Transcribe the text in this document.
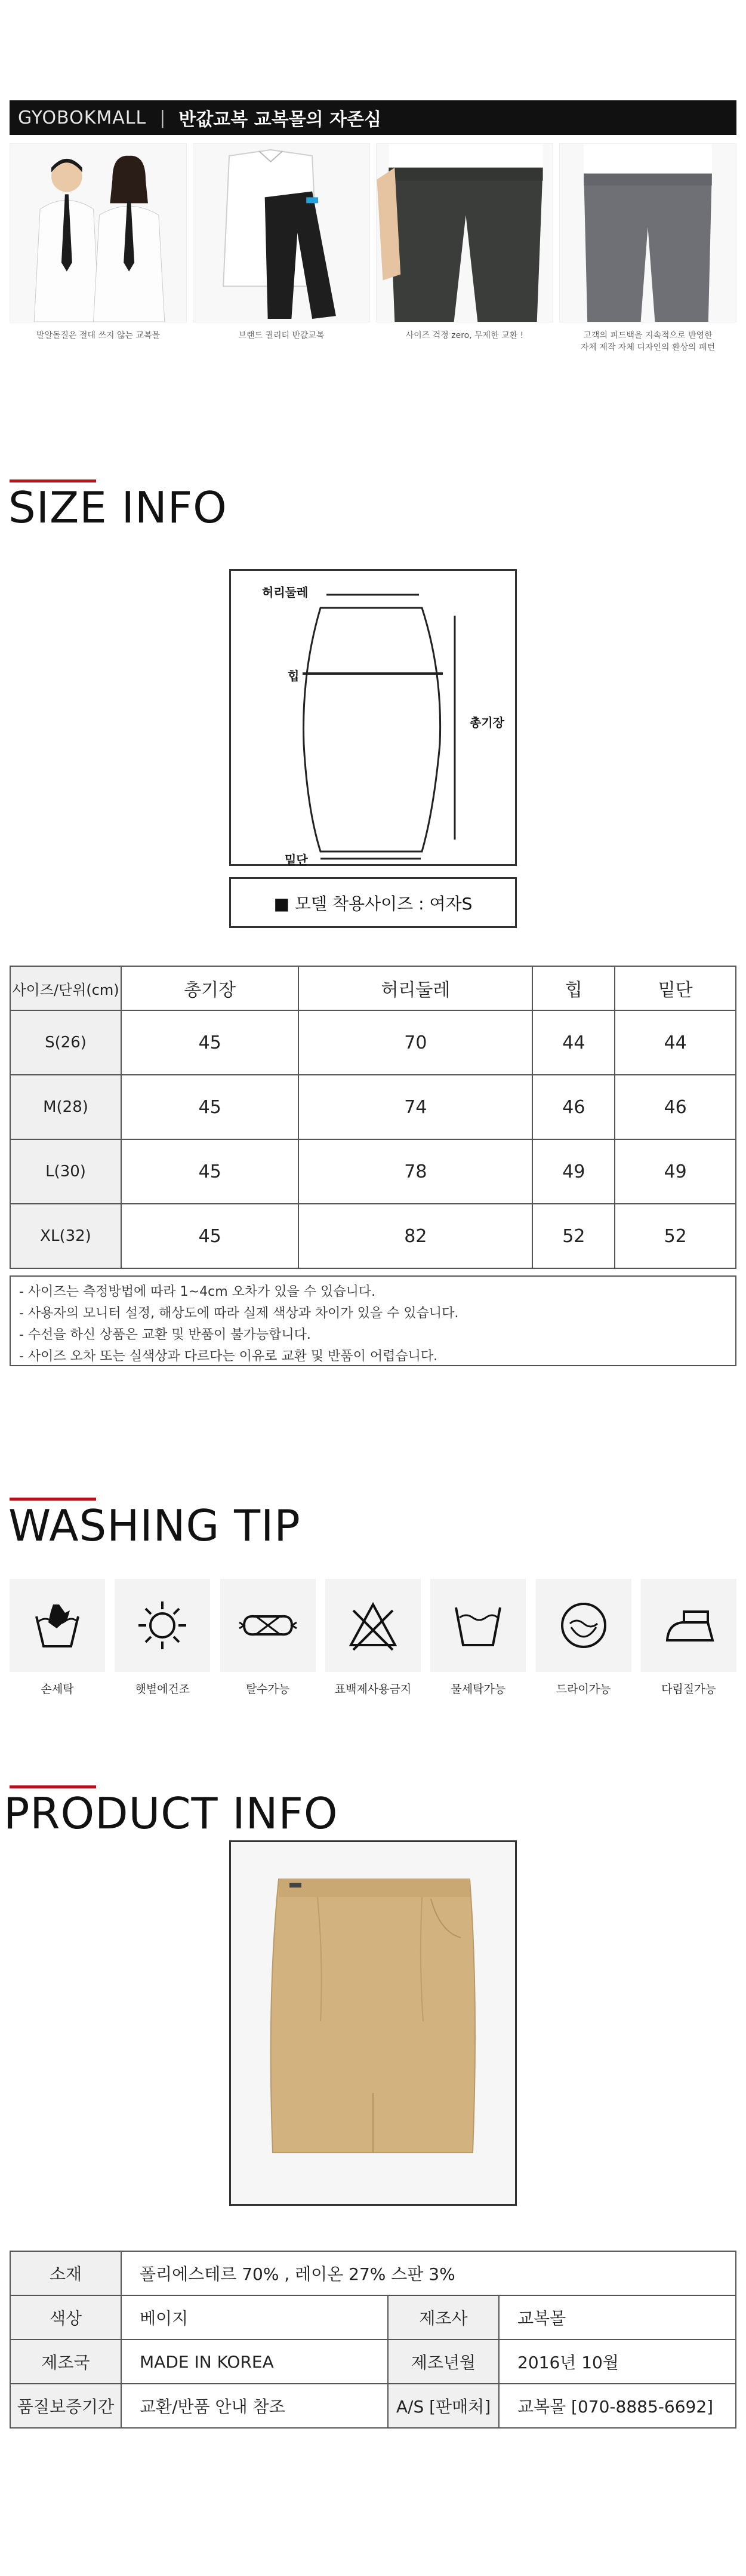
GYOBOKMALL | 반값교복 교복몰의 자존심
발알돌질은 절대 쓰지 않는 교복몰	브랜드 퀄리티 반값교복	사이즈 걱정 zero, 무제한 교환 !	고객의 피드백을 지속적으로 반영한
자체 제작 자체 디자인의 환상의 패턴
SIZE INFO
허리둘레
힙
총기장
밑단
■ 모델 착용사이즈 : 여자S
사이즈/단위(cm)	총기장	허리둘레	힙	밑단
S(26)	45	70	44	44
M(28)	45	74	46	46
L(30)	45	78	49	49
XL(32)	45	82	52	52
- 사이즈는 측정방법에 따라 1~4cm 오차가 있을 수 있습니다.
- 사용자의 모니터 설정, 해상도에 따라 실제 색상과 차이가 있을 수 있습니다.
- 수선을 하신 상품은 교환 및 반품이 불가능합니다.
- 사이즈 오차 또는 실색상과 다르다는 이유로 교환 및 반품이 어렵습니다.
WASHING TIP
손세탁	햇볕에건조	탈수가능	표백제사용금지	물세탁가능	드라이가능	다림질가능
PRODUCT INFO
소재	폴리에스테르 70% , 레이온 27% 스판 3%		
색상	베이지	제조사	교복몰
제조국	MADE IN KOREA	제조년월	2016년 10월
품질보증기간	교환/반품 안내 참조	A/S [판매처]	교복몰 [070-8885-6692]
